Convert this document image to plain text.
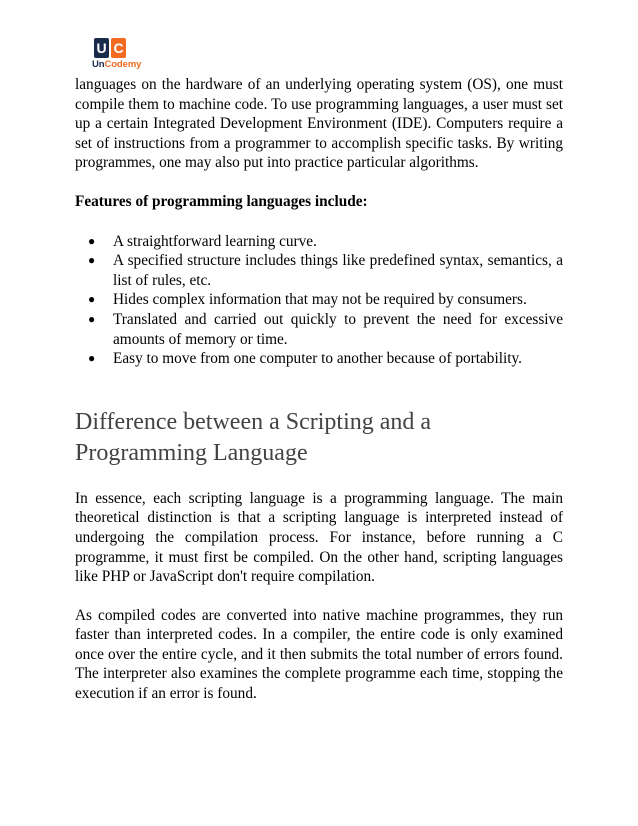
U C
UnCodemy

languages on the hardware of an underlying operating system (OS), one must compile them to machine code. To use programming languages, a user must set up a certain Integrated Development Environment (IDE). Computers require a set of instructions from a programmer to accomplish specific tasks. By writing programmes, one may also put into practice particular algorithms.

Features of programming languages include:

● A straightforward learning curve.
● A specified structure includes things like predefined syntax, semantics, a list of rules, etc.
● Hides complex information that may not be required by consumers.
● Translated and carried out quickly to prevent the need for excessive amounts of memory or time.
● Easy to move from one computer to another because of portability.
Difference between a Scripting and a Programming Language

In essence, each scripting language is a programming language. The main theoretical distinction is that a scripting language is interpreted instead of undergoing the compilation process. For instance, before running a C programme, it must first be compiled. On the other hand, scripting languages like PHP or JavaScript don't require compilation.

As compiled codes are converted into native machine programmes, they run faster than interpreted codes. In a compiler, the entire code is only examined once over the entire cycle, and it then submits the total number of errors found. The interpreter also examines the complete programme each time, stopping the execution if an error is found.
